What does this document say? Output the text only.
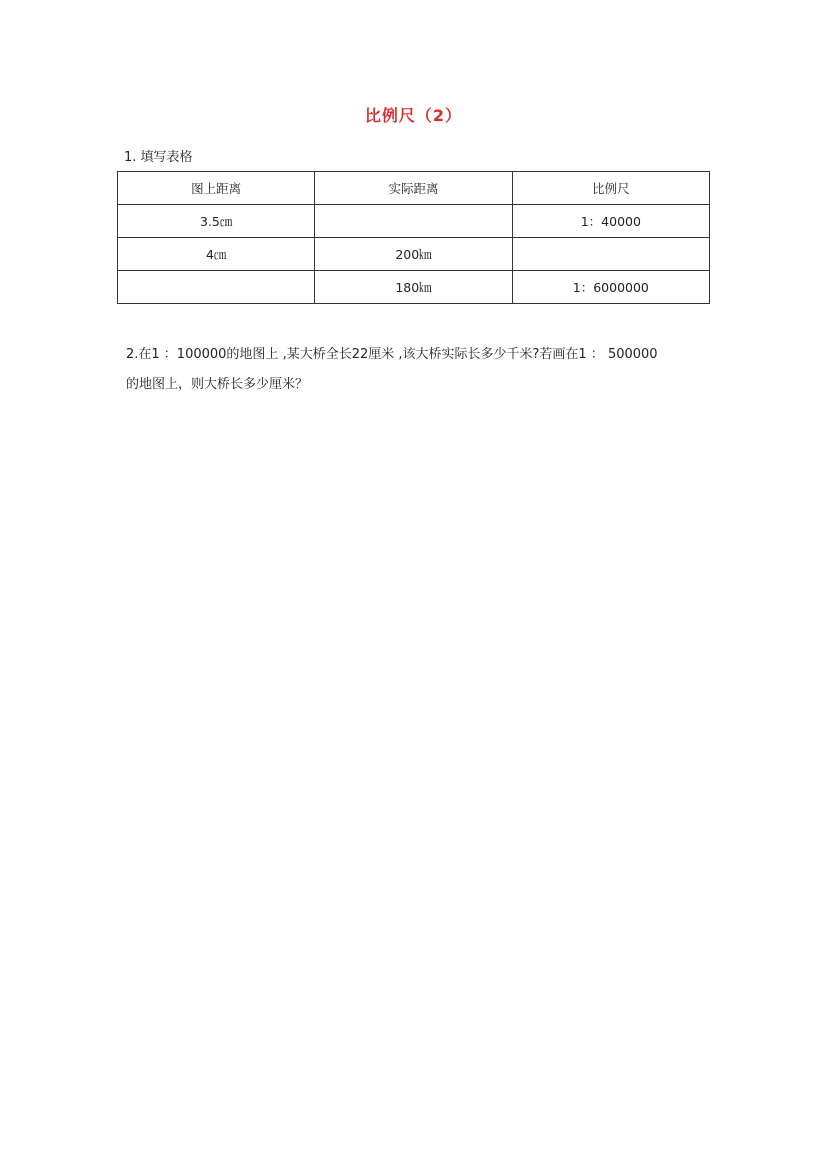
比例尺（2）
1. 填写表格
图上距离	实际距离	比例尺
3.5㎝		1：40000
4㎝	200㎞	
	180㎞	1：6000000
2.在1 ：100000的地图上 ,某大桥全长22厘米 ,该大桥实际长多少千米?若画在1 ： 500000
的地图上，则大桥长多少厘米？
